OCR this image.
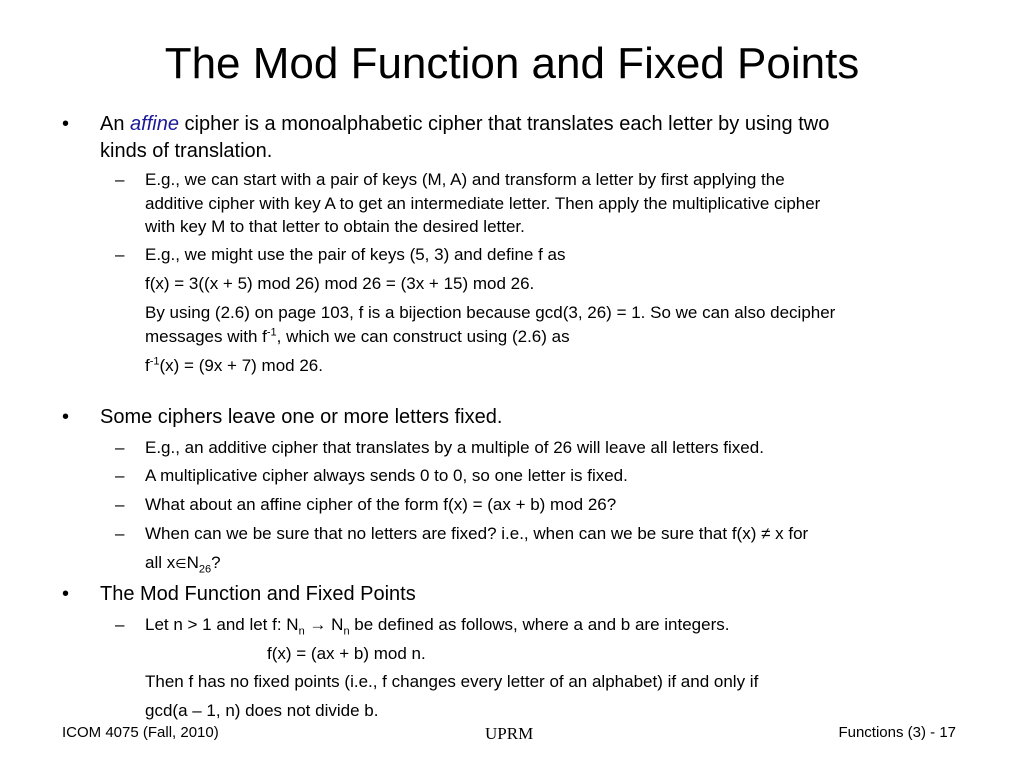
The Mod Function and Fixed Points
• An affine cipher is a monoalphabetic cipher that translates each letter by using two
kinds of translation.
– E.g., we can start with a pair of keys (M, A) and transform a letter by first applying the
additive cipher with key A to get an intermediate letter. Then apply the multiplicative cipher
with key M to that letter to obtain the desired letter.
– E.g., we might use the pair of keys (5, 3) and define f as
f(x) = 3((x + 5) mod 26) mod 26 = (3x + 15) mod 26.
By using (2.6) on page 103, f is a bijection because gcd(3, 26) = 1. So we can also decipher
messages with $f^{-1}$, which we can construct using (2.6) as
$f^{-1}(x) = (9x + 7)$ mod 26.
• Some ciphers leave one or more letters fixed.
– E.g., an additive cipher that translates by a multiple of 26 will leave all letters fixed.
– A multiplicative cipher always sends 0 to 0, so one letter is fixed.
– What about an affine cipher of the form f(x) = (ax + b) mod 26?
– When can we be sure that no letters are fixed? i.e., when can we be sure that f(x) ≠ x for
all $x\in N_{26}$?
• The Mod Function and Fixed Points
– Let n > 1 and let f: $N_n \to N_n$ be defined as follows, where a and b are integers.
f(x) = (ax + b) mod n.
Then f has no fixed points (i.e., f changes every letter of an alphabet) if and only if
gcd(a – 1, n) does not divide b.
ICOM 4075 (Fall, 2010)	UPRM	Functions (3) - 17
